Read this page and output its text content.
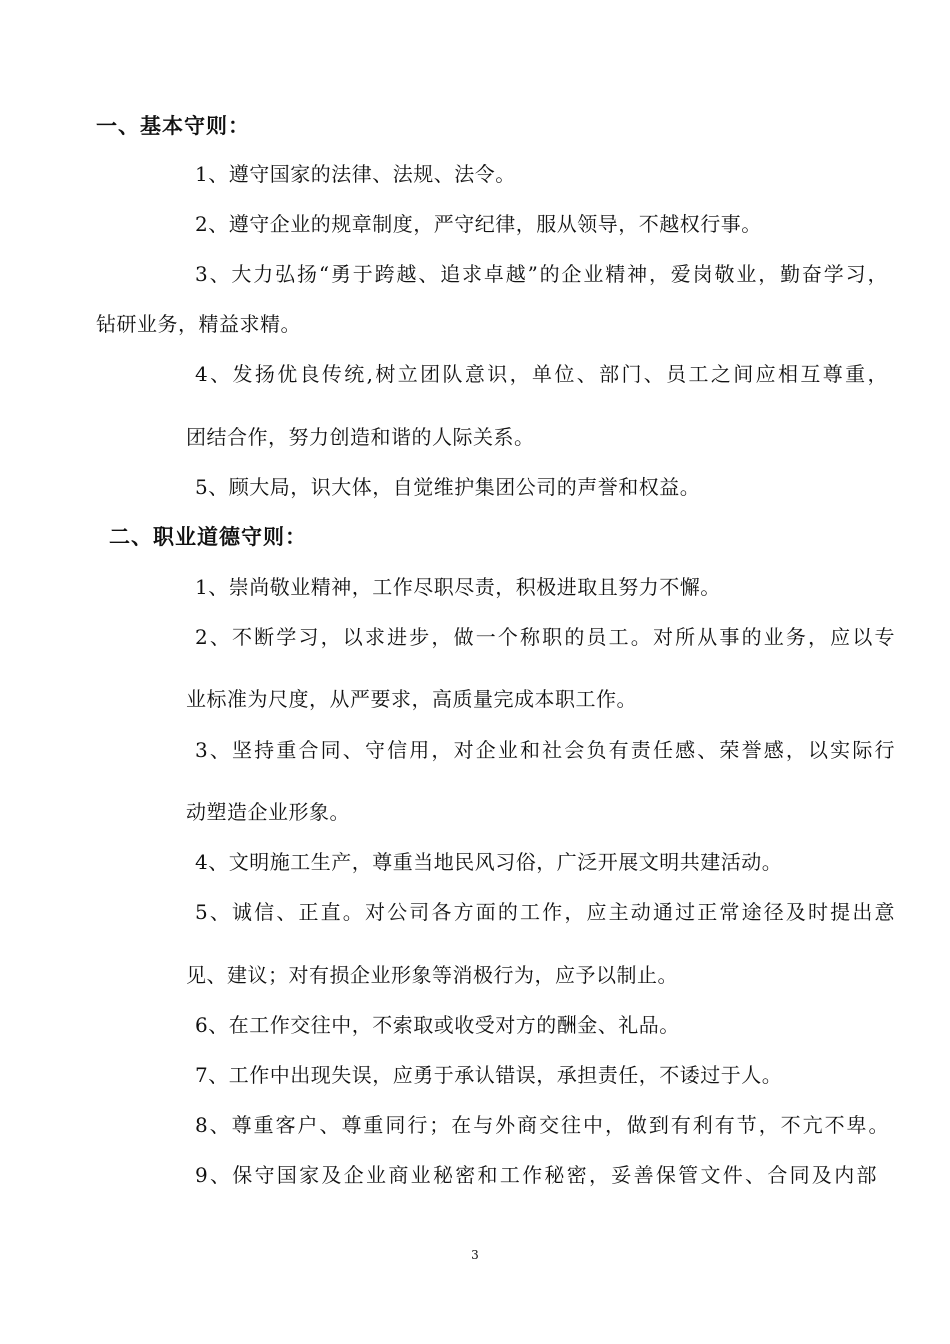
一、基本守则：
1、遵守国家的法律、法规、法令。
2、遵守企业的规章制度，严守纪律，服从领导，不越权行事。
3、大力弘扬“勇于跨越、追求卓越”的企业精神，爱岗敬业，勤奋学习，
钻研业务，精益求精。
4、发扬优良传统,树立团队意识，单位、部门、员工之间应相互尊重，
团结合作，努力创造和谐的人际关系。
5、顾大局，识大体，自觉维护集团公司的声誉和权益。
二、职业道德守则：
1、崇尚敬业精神，工作尽职尽责，积极进取且努力不懈。
2、不断学习，以求进步，做一个称职的员工。对所从事的业务，应以专
业标准为尺度，从严要求，高质量完成本职工作。
3、坚持重合同、守信用，对企业和社会负有责任感、荣誉感，以实际行
动塑造企业形象。
4、文明施工生产，尊重当地民风习俗，广泛开展文明共建活动。
5、诚信、正直。对公司各方面的工作，应主动通过正常途径及时提出意
见、建议；对有损企业形象等消极行为，应予以制止。
6、在工作交往中，不索取或收受对方的酬金、礼品。
7、工作中出现失误，应勇于承认错误，承担责任，不诿过于人。
8、尊重客户、尊重同行；在与外商交往中，做到有利有节，不亢不卑。
9、保守国家及企业商业秘密和工作秘密，妥善保管文件、合同及内部
3
